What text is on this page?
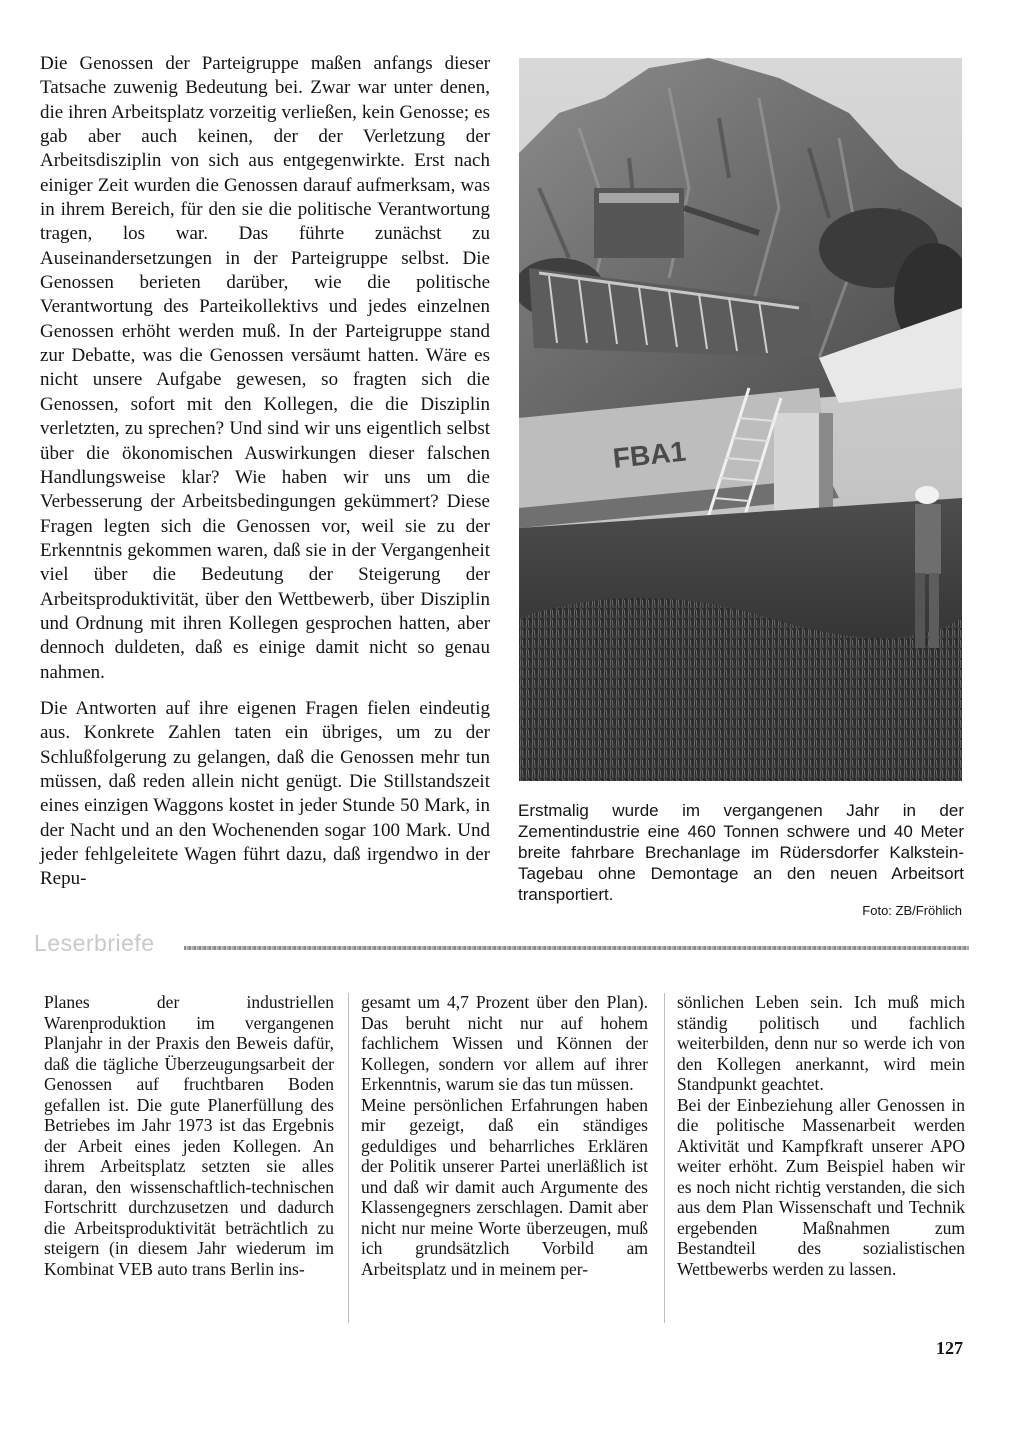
Die Genossen der Parteigruppe maßen anfangs dieser Tatsache zuwenig Bedeutung bei. Zwar war unter denen, die ihren Arbeitsplatz vorzeitig verließen, kein Genosse; es gab aber auch keinen, der der Verletzung der Arbeitsdisziplin von sich aus entgegenwirkte. Erst nach einiger Zeit wurden die Genossen darauf aufmerksam, was in ihrem Bereich, für den sie die politische Verantwortung tragen, los war. Das führte zunächst zu Auseinandersetzungen in der Parteigruppe selbst. Die Genossen berieten darüber, wie die politische Verantwortung des Parteikollektivs und jedes einzelnen Genossen erhöht werden muß. In der Parteigruppe stand zur Debatte, was die Genossen versäumt hatten. Wäre es nicht unsere Aufgabe gewesen, so fragten sich die Genossen, sofort mit den Kollegen, die die Disziplin verletzten, zu sprechen? Und sind wir uns eigentlich selbst über die ökonomischen Auswirkungen dieser falschen Handlungsweise klar? Wie haben wir uns um die Verbesserung der Arbeitsbedingungen gekümmert? Diese Fragen legten sich die Genossen vor, weil sie zu der Erkenntnis gekommen waren, daß sie in der Vergangenheit viel über die Bedeutung der Steigerung der Arbeitsproduktivität, über den Wettbewerb, über Disziplin und Ordnung mit ihren Kollegen gesprochen hatten, aber dennoch duldeten, daß es einige damit nicht so genau nahmen.

Die Antworten auf ihre eigenen Fragen fielen eindeutig aus. Konkrete Zahlen taten ein übriges, um zu der Schlußfolgerung zu gelangen, daß die Genossen mehr tun müssen, daß reden allein nicht genügt. Die Stillstandszeit eines einzigen Waggons kostet in jeder Stunde 50 Mark, in der Nacht und an den Wochenenden sogar 100 Mark. Und jeder fehlgeleitete Wagen führt dazu, daß irgendwo in der Repu-

FBA1
Erstmalig wurde im vergangenen Jahr in der Zementindustrie eine 460 Tonnen schwere und 40 Meter breite fahrbare Brechanlage im Rüdersdorfer Kalkstein-Tagebau ohne Demontage an den neuen Arbeitsort transportiert.
Foto: ZB/Fröhlich
Leserbriefe

Planes der industriellen Warenproduktion im vergangenen Planjahr in der Praxis den Beweis dafür, daß die tägliche Überzeugungsarbeit der Genossen auf fruchtbaren Boden gefallen ist. Die gute Planerfüllung des Betriebes im Jahr 1973 ist das Ergebnis der Arbeit eines jeden Kollegen. An ihrem Arbeitsplatz setzten sie alles daran, den wissenschaftlich-technischen Fortschritt durchzusetzen und dadurch die Arbeitsproduktivität beträchtlich zu steigern (in diesem Jahr wiederum im Kombinat VEB auto trans Berlin ins-

gesamt um 4,7 Prozent über den Plan). Das beruht nicht nur auf hohem fachlichem Wissen und Können der Kollegen, sondern vor allem auf ihrer Erkenntnis, warum sie das tun müssen.
Meine persönlichen Erfahrungen haben mir gezeigt, daß ein ständiges geduldiges und beharrliches Erklären der Politik unserer Partei unerläßlich ist und daß wir damit auch Argumente des Klassengegners zerschlagen. Damit aber nicht nur meine Worte überzeugen, muß ich grundsätzlich Vorbild am Arbeitsplatz und in meinem per-

sönlichen Leben sein. Ich muß mich ständig politisch und fachlich weiterbilden, denn nur so werde ich von den Kollegen anerkannt, wird mein Standpunkt geachtet.
Bei der Einbeziehung aller Genossen in die politische Massenarbeit werden Aktivität und Kampfkraft unserer APO weiter erhöht. Zum Beispiel haben wir es noch nicht richtig verstanden, die sich aus dem Plan Wissenschaft und Technik ergebenden Maßnahmen zum Bestandteil des sozialistischen Wettbewerbs werden zu lassen.

127
